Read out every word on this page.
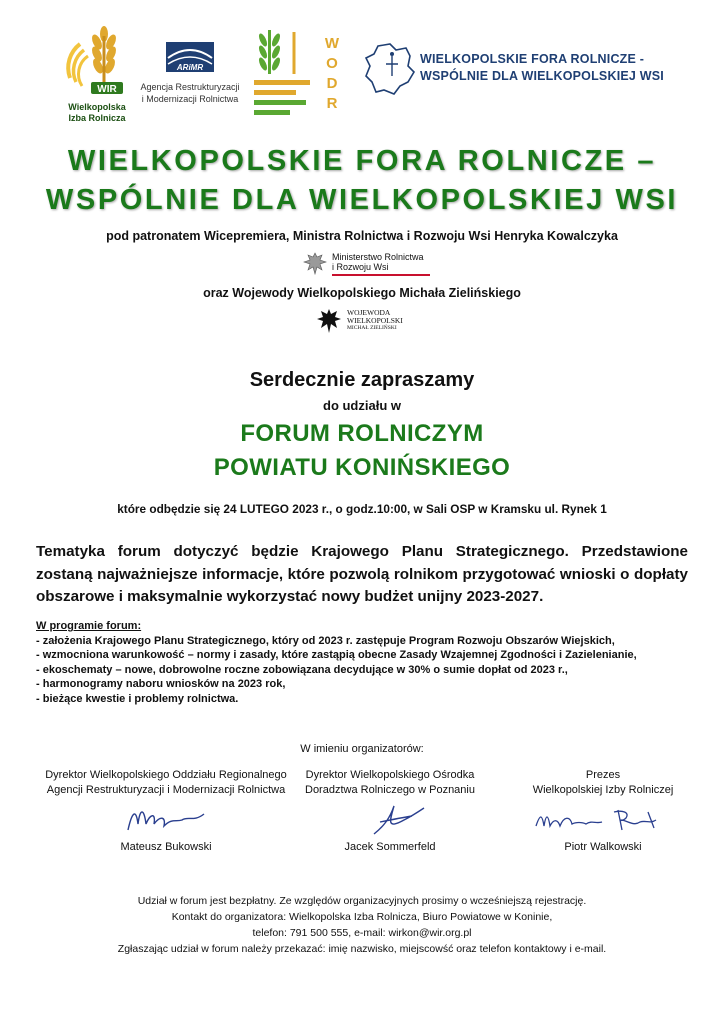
WIR
Wielkopolska
Izba Rolnicza
ARiMR
Agencja Restrukturyzacji
i Modernizacji Rolnictwa
WODR
WIELKOPOLSKIE FORA ROLNICZE -
WSPÓLNIE DLA WIELKOPOLSKIEJ WSI
WIELKOPOLSKIE FORA ROLNICZE –
WSPÓLNIE DLA WIELKOPOLSKIEJ WSI
pod patronatem Wicepremiera, Ministra Rolnictwa i Rozwoju Wsi Henryka Kowalczyka
Ministerstwo Rolnictwa
i Rozwoju Wsi
oraz Wojewody Wielkopolskiego Michała Zielińskiego
WOJEWODA
WIELKOPOLSKI
MICHAŁ ZIELIŃSKI
Serdecznie zapraszamy
do udziału w
FORUM ROLNICZYM
POWIATU KONIŃSKIEGO
które odbędzie się 24 LUTEGO 2023 r., o godz.10:00, w Sali OSP w Kramsku ul. Rynek 1
Tematyka forum dotyczyć będzie Krajowego Planu Strategicznego. Przedstawione zostaną najważniejsze informacje, które pozwolą rolnikom przygotować wnioski o dopłaty obszarowe i maksymalnie wykorzystać nowy budżet unijny 2023-2027.
W programie forum:
- założenia Krajowego Planu Strategicznego, który od 2023 r. zastępuje Program Rozwoju Obszarów Wiejskich,
- wzmocniona warunkowość – normy i zasady, które zastąpią obecne Zasady Wzajemnej Zgodności i Zazielenianie,
- ekoschematy – nowe, dobrowolne roczne zobowiązana decydujące w 30% o sumie dopłat od 2023 r.,
- harmonogramy naboru wniosków na 2023 rok,
- bieżące kwestie i problemy rolnictwa.
W imieniu organizatorów:
Dyrektor Wielkopolskiego Oddziału Regionalnego
Agencji Restrukturyzacji i Modernizacji Rolnictwa
Mateusz Bukowski
Dyrektor Wielkopolskiego Ośrodka
Doradztwa Rolniczego w Poznaniu
Jacek Sommerfeld
Prezes
Wielkopolskiej Izby Rolniczej
Piotr Walkowski
Udział w forum jest bezpłatny. Ze względów organizacyjnych prosimy o wcześniejszą rejestrację.
Kontakt do organizatora: Wielkopolska Izba Rolnicza, Biuro Powiatowe w Koninie,
telefon: 791 500 555, e-mail: wirkon@wir.org.pl
Zgłaszając udział w forum należy przekazać: imię nazwisko, miejscowść oraz telefon kontaktowy i e-mail.
